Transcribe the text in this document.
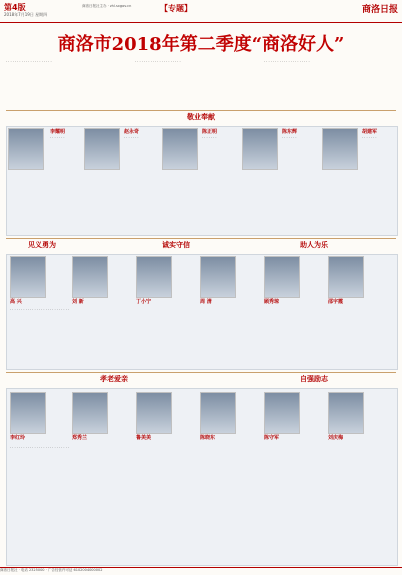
第4版
2018年7月19日 星期四
商洛日报社主办 · zhl.sxgov.cn	【专题】	商洛日报
商洛市2018年第二季度“商洛好人”
· · · · · · · · · · · · · · · · · · · · ·	· · · · · · · · · · · · · · · · · · · · ·	· · · · · · · · · · · · · · · · · · · · ·
敬业奉献
李耀明
· · · · · · ·
赵永奇
· · · · · · ·
陈正明
· · · · · · ·
陈东辉
· · · · · · ·
胡建军
· · · · · · ·
见义勇为	诚实守信	助人为乐
高 兴	刘 新	丁小宁	周 清	顾秀琼	邵宇霞
· · · · · · · · · · · · · · · · · · · · · · · · · · ·
孝老爱亲	自强励志
李红玲	郑秀兰	鲁美美	陈晓东	陈守军	刘庆梅
· · · · · · · · · · · · · · · · · · · · · · · · · · ·
商洛日报社 · 电话 2325000 · 广告经营许可证 6102004000002
